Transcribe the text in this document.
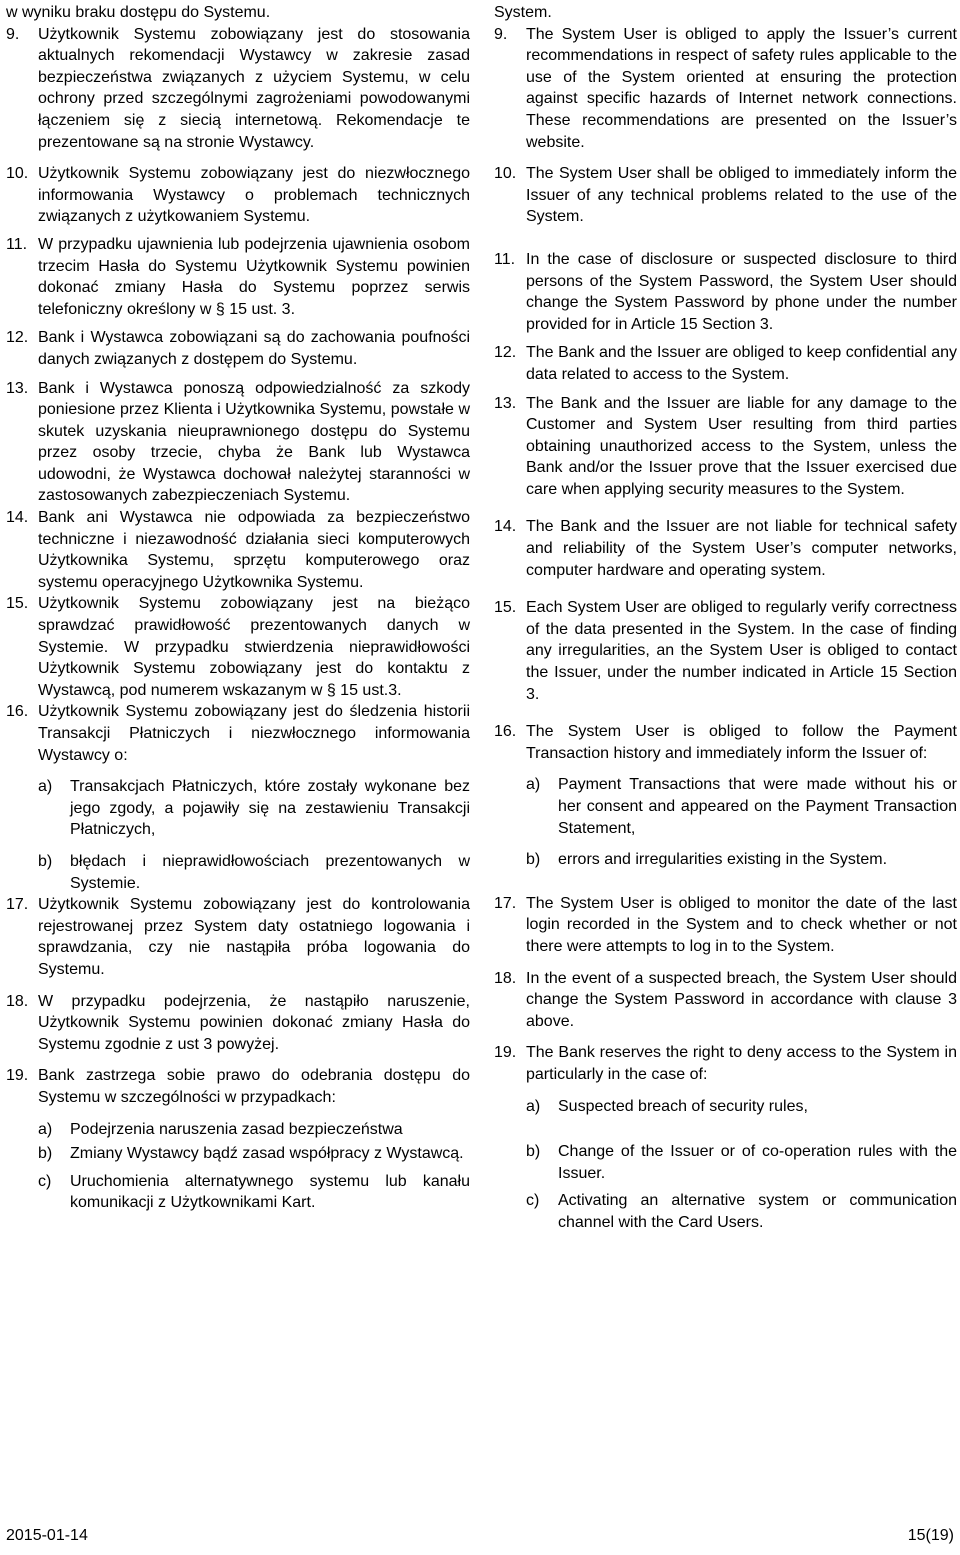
w wyniku braku dostępu do Systemu.
9.	Użytkownik Systemu zobowiązany jest do stosowania aktualnych rekomendacji Wystawcy w zakresie zasad bezpieczeństwa związanych z użyciem Systemu, w celu ochrony przed szczególnymi zagrożeniami powodowanymi łączeniem się z siecią internetową. Rekomendacje te prezentowane są na stronie Wystawcy.
10. Użytkownik Systemu zobowiązany jest do niezwłocznego informowania Wystawcy o problemach technicznych związanych z użytkowaniem Systemu.
11. W przypadku ujawnienia lub podejrzenia ujawnienia osobom trzecim Hasła do Systemu Użytkownik Systemu powinien dokonać zmiany Hasła do Systemu poprzez serwis telefoniczny określony w § 15 ust. 3.
12. Bank i Wystawca zobowiązani są do zachowania poufności danych związanych z dostępem do Systemu.
13. Bank i Wystawca ponoszą odpowiedzialność za szkody poniesione przez Klienta i Użytkownika Systemu, powstałe w skutek uzyskania nieuprawnionego dostępu do Systemu przez osoby trzecie, chyba że Bank lub Wystawca udowodni, że Wystawca dochował należytej staranności w zastosowanych zabezpieczeniach Systemu.
14. Bank ani Wystawca nie odpowiada za bezpieczeństwo techniczne i niezawodność działania sieci komputerowych Użytkownika Systemu, sprzętu komputerowego oraz systemu operacyjnego Użytkownika Systemu.
15. Użytkownik Systemu zobowiązany jest na bieżąco sprawdzać prawidłowość prezentowanych danych w Systemie. W przypadku stwierdzenia nieprawidłowości Użytkownik Systemu zobowiązany jest do kontaktu z Wystawcą, pod numerem wskazanym w § 15 ust.3.
16. Użytkownik Systemu zobowiązany jest do śledzenia historii Transakcji Płatniczych i niezwłocznego informowania Wystawcy o:
a)	Transakcjach Płatniczych, które zostały wykonane bez jego zgody, a pojawiły się na zestawieniu Transakcji Płatniczych,
b)	błędach i nieprawidłowościach prezentowanych w Systemie.
17. Użytkownik Systemu zobowiązany jest do kontrolowania rejestrowanej przez System daty ostatniego logowania i sprawdzania, czy nie nastąpiła próba logowania do Systemu.
18. W przypadku podejrzenia, że nastąpiło naruszenie, Użytkownik Systemu powinien dokonać zmiany Hasła do Systemu zgodnie z ust 3 powyżej.
19. Bank zastrzega sobie prawo do odebrania dostępu do Systemu w szczególności w przypadkach:
a)	Podejrzenia naruszenia zasad bezpieczeństwa
b)	Zmiany Wystawcy bądź zasad współpracy z Wystawcą.
c)	Uruchomienia alternatywnego systemu lub kanału komunikacji z Użytkownikami Kart.
System.
9.	The System User is obliged to apply the Issuer’s current recommendations in respect of safety rules applicable to the use of the System oriented at ensuring the protection against specific hazards of Internet network connections. These recommendations are presented on the Issuer’s website.
10. The System User shall be obliged to immediately inform the Issuer of any technical problems related to the use of the System.
11. In the case of disclosure or suspected disclosure to third persons of the System Password, the System User should change the System Password by phone under the number provided for in Article 15 Section 3.
12. The Bank and the Issuer are obliged to keep confidential any data related to access to the System.
13. The Bank and the Issuer are liable for any damage to the Customer and System User resulting from third parties obtaining unauthorized access to the System, unless the Bank and/or the Issuer prove that the Issuer exercised due care when applying security measures to the System.
14. The Bank and the Issuer are not liable for technical safety and reliability of the System User’s computer networks, computer hardware and operating system.
15. Each System User are obliged to regularly verify correctness of the data presented in the System. In the case of finding any irregularities, an the System User is obliged to contact the Issuer, under the number indicated in Article 15 Section 3.
16. The System User is obliged to follow the Payment Transaction history and immediately inform the Issuer of:
a)	Payment Transactions that were made without his or her consent and appeared on the Payment Transaction Statement,
b)	errors and irregularities existing in the System.
17. The System User is obliged to monitor the date of the last login recorded in the System and to check whether or not there were attempts to log in to the System.
18. In the event of a suspected breach, the System User should change the System Password in accordance with clause 3 above.
19. The Bank reserves the right to deny access to the System in particularly in the case of:
a)	Suspected breach of security rules,
b)	Change of the Issuer or of co-operation rules with the Issuer.
c)	Activating an alternative system or communication channel with the Card Users.
2015-01-14	15(19)
